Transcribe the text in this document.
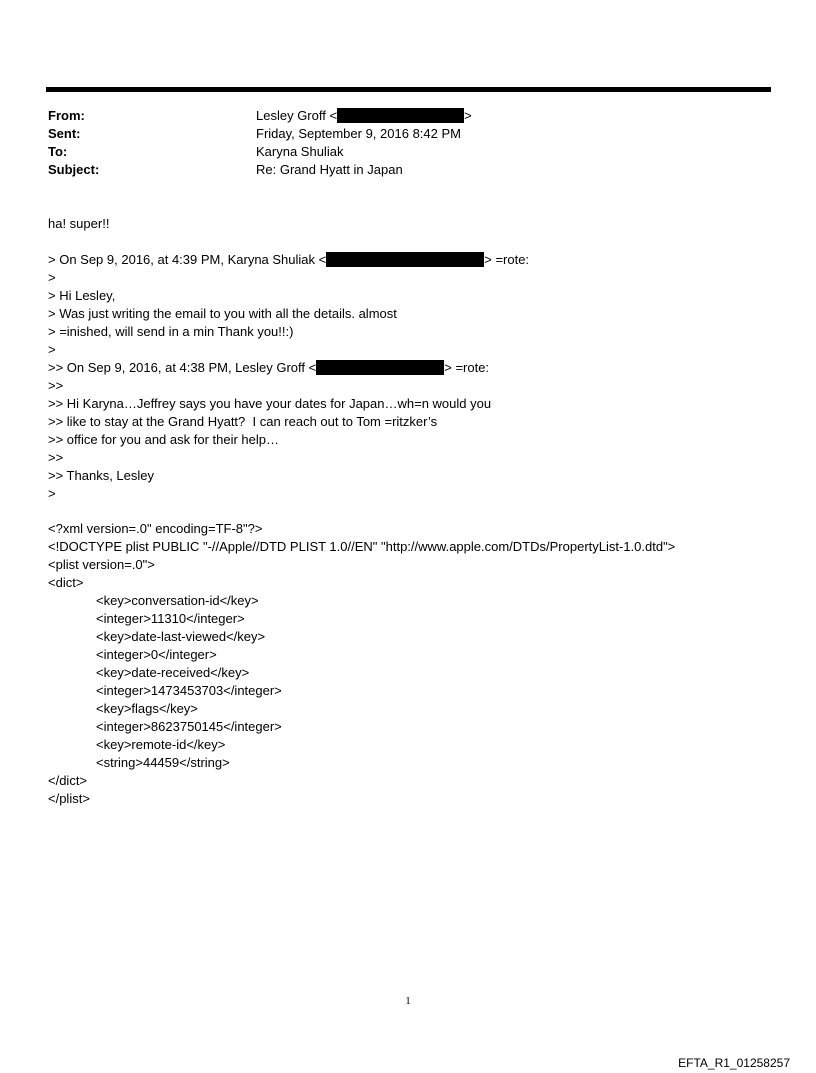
From:	Lesley Groff <	>
Sent:	Friday, September 9, 2016 8:42 PM
To:	Karyna Shuliak
Subject:	Re: Grand Hyatt in Japan
ha! super!!
> On Sep 9, 2016, at 4:39 PM, Karyna Shuliak <	> =rote:
>
> Hi Lesley,
> Was just writing the email to you with all the details. almost
> =inished, will send in a min Thank you!!:)
>
>> On Sep 9, 2016, at 4:38 PM, Lesley Groff <	> =rote:
>>
>> Hi Karyna…Jeffrey says you have your dates for Japan…wh=n would you
>> like to stay at the Grand Hyatt?  I can reach out to Tom =ritzker’s
>> office for you and ask for their help…
>>
>> Thanks, Lesley
>
<?xml version=.0" encoding=TF-8"?>
<!DOCTYPE plist PUBLIC "-//Apple//DTD PLIST 1.0//EN" "http://www.apple.com/DTDs/PropertyList-1.0.dtd">
<plist version=.0">
<dict>
<key>conversation-id</key>
<integer>11310</integer>
<key>date-last-viewed</key>
<integer>0</integer>
<key>date-received</key>
<integer>1473453703</integer>
<key>flags</key>
<integer>8623750145</integer>
<key>remote-id</key>
<string>44459</string>
</dict>
</plist>
1
EFTA_R1_01258257
